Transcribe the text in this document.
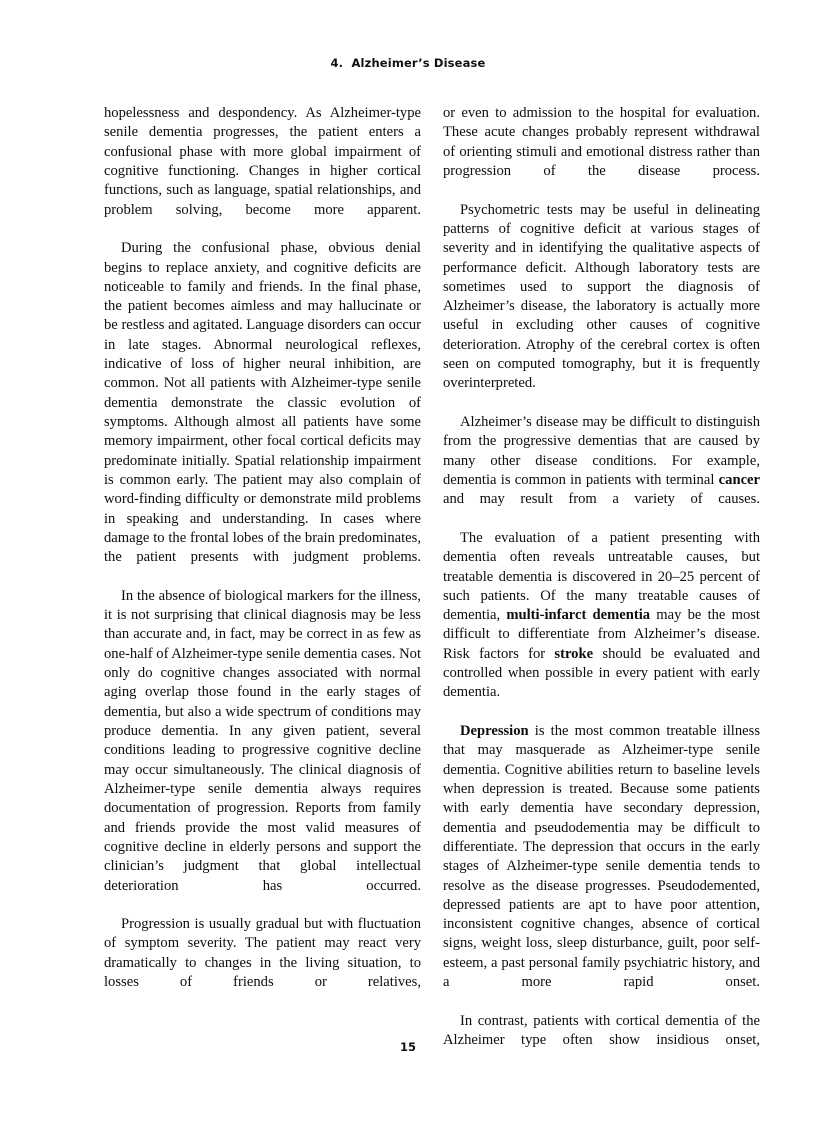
4.  Alzheimer’s Disease

hopelessness and despondency. As Alzheimer-type senile dementia progresses, the patient enters a confusional phase with more global impairment of cognitive functioning. Changes in higher cortical functions, such as language, spatial relationships, and problem solving, become more apparent.

During the confusional phase, obvious denial begins to replace anxiety, and cognitive deficits are noticeable to family and friends. In the final phase, the patient becomes aimless and may hallucinate or be restless and agitated. Language disorders can occur in late stages. Abnormal neurological reflexes, indicative of loss of higher neural inhibition, are common. Not all patients with Alzheimer-type senile dementia demonstrate the classic evolution of symptoms. Although almost all patients have some memory impairment, other focal cortical deficits may predominate initially. Spatial relationship impairment is common early. The patient may also complain of word-finding difficulty or demonstrate mild problems in speaking and understanding. In cases where damage to the frontal lobes of the brain predominates, the patient presents with judgment problems.

In the absence of biological markers for the illness, it is not surprising that clinical diagnosis may be less than accurate and, in fact, may be correct in as few as one-half of Alzheimer-type senile dementia cases. Not only do cognitive changes associated with normal aging overlap those found in the early stages of dementia, but also a wide spectrum of conditions may produce dementia. In any given patient, several conditions leading to progressive cognitive decline may occur simultaneously. The clinical diagnosis of Alzheimer-type senile dementia always requires documentation of progression. Reports from family and friends provide the most valid measures of cognitive decline in elderly persons and support the clinician’s judgment that global intellectual deterioration has occurred.

Progression is usually gradual but with fluctuation of symptom severity. The patient may react very dramatically to changes in the living situation, to losses of friends or relatives,

or even to admission to the hospital for evaluation. These acute changes probably represent withdrawal of orienting stimuli and emotional distress rather than progression of the disease process.

Psychometric tests may be useful in delineating patterns of cognitive deficit at various stages of severity and in identifying the qualitative aspects of performance deficit. Although laboratory tests are sometimes used to support the diagnosis of Alzheimer’s disease, the laboratory is actually more useful in excluding other causes of cognitive deterioration. Atrophy of the cerebral cortex is often seen on computed tomography, but it is frequently overinterpreted.

Alzheimer’s disease may be difficult to distinguish from the progressive dementias that are caused by many other disease conditions. For example, dementia is common in patients with terminal cancer and may result from a variety of causes.

The evaluation of a patient presenting with dementia often reveals untreatable causes, but treatable dementia is discovered in 20–25 percent of such patients. Of the many treatable causes of dementia, multi-infarct dementia may be the most difficult to differentiate from Alzheimer’s disease. Risk factors for stroke should be evaluated and controlled when possible in every patient with early dementia.

Depression is the most common treatable illness that may masquerade as Alzheimer-type senile dementia. Cognitive abilities return to baseline levels when depression is treated. Because some patients with early dementia have secondary depression, dementia and pseudodementia may be difficult to differentiate. The depression that occurs in the early stages of Alzheimer-type senile dementia tends to resolve as the disease progresses. Pseudodemented, depressed patients are apt to have poor attention, inconsistent cognitive changes, absence of cortical signs, weight loss, sleep disturbance, guilt, poor self-esteem, a past personal family psychiatric history, and a more rapid onset.

In contrast, patients with cortical dementia of the Alzheimer type often show insidious onset,

15
